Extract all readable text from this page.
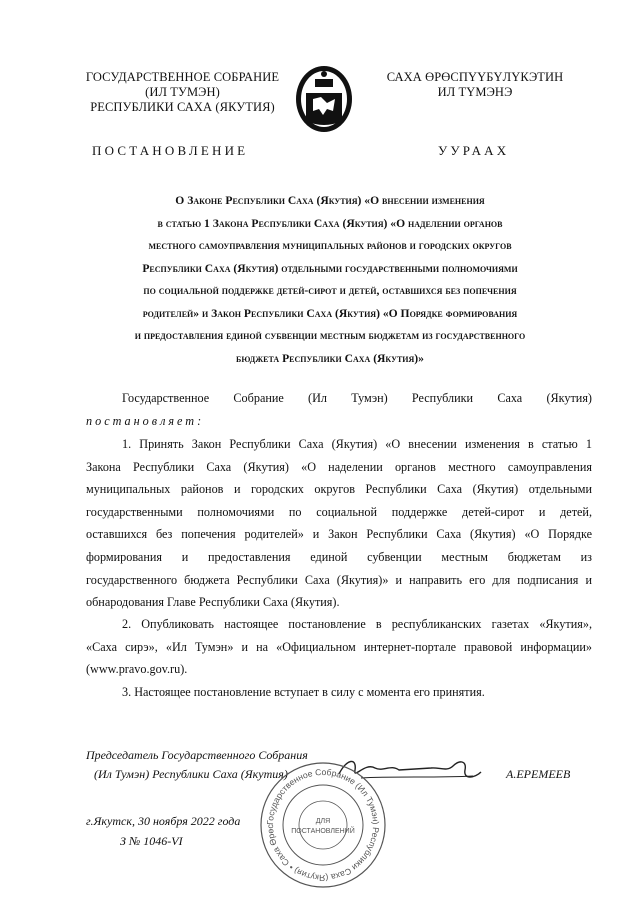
ГОСУДАРСТВЕННОЕ СОБРАНИЕ
(ИЛ ТУМЭН)
РЕСПУБЛИКИ САХА (ЯКУТИЯ)
САХА ӨРӨСПҮҮБҮЛҮКЭТИН
ИЛ ТҮМЭНЭ
ПОСТАНОВЛЕНИЕ	УУРААХ
О Законе Республики Саха (Якутия) «О внесении изменения
в статью 1 Закона Республики Саха (Якутия) «О наделении органов
местного самоуправления муниципальных районов и городских округов
Республики Саха (Якутия) отдельными государственными полномочиями
по социальной поддержке детей-сирот и детей, оставшихся без попечения
родителей» и Закон Республики Саха (Якутия) «О Порядке формирования
и предоставления единой субвенции местным бюджетам из государственного
бюджета Республики Саха (Якутия)»
Государственное Собрание (Ил Тумэн) Республики Саха (Якутия)
постановляет:
1. Принять Закон Республики Саха (Якутия) «О внесении изменения в статью 1
Закона Республики Саха (Якутия) «О наделении органов местного самоуправления
муниципальных районов и городских округов Республики Саха (Якутия) отдельными
государственными полномочиями по социальной поддержке детей-сирот и детей,
оставшихся без попечения родителей» и Закон Республики Саха (Якутия) «О Порядке
формирования и предоставления единой субвенции местным бюджетам из
государственного бюджета Республики Саха (Якутия)» и направить его для подписания и
обнародования Главе Республики Саха (Якутия).
2. Опубликовать настоящее постановление в республиканских газетах «Якутия»,
«Саха сирэ», «Ил Тумэн» и на «Официальном интернет-портале правовой информации»
(www.pravo.gov.ru).
3. Настоящее постановление вступает в силу с момента его принятия.
Председатель Государственного Собрания
(Ил Тумэн) Республики Саха (Якутия)	А.ЕРЕМЕЕВ
г.Якутск, 30 ноября 2022 года
З № 1046-VI
Государственное Собрание (Ил Тумэн) Республики Саха (Якутия) • Саха Өрөс
ДЛЯ
ПОСТАНОВЛЕНИЙ
